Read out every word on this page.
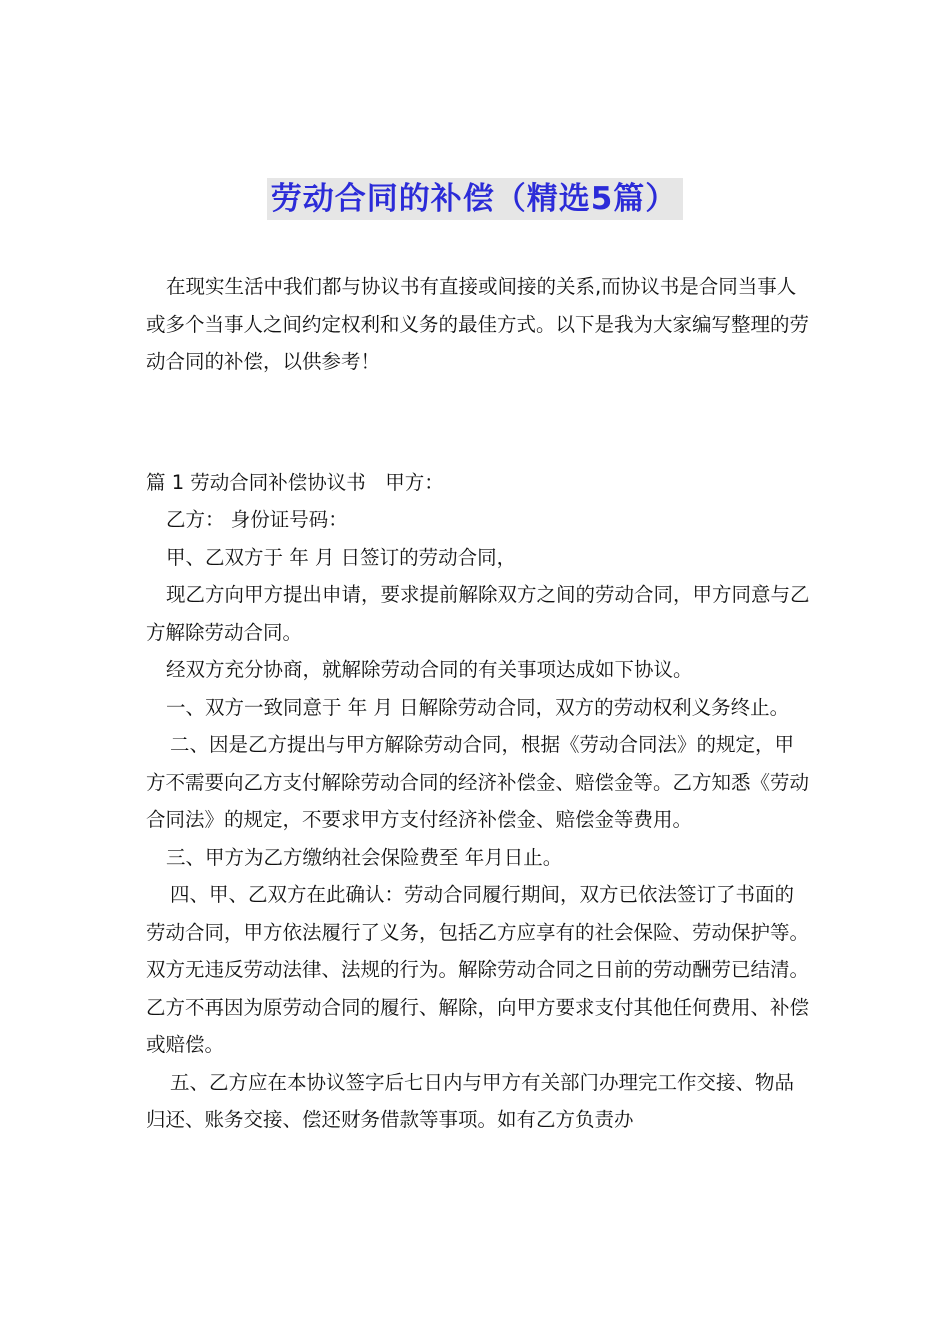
劳动合同的补偿（精选5篇）

在现实生活中我们都与协议书有直接或间接的关系,而协议书是合同当事人或多个当事人之间约定权利和义务的最佳方式。以下是我为大家编写整理的劳动合同的补偿，以供参考！

篇 1 劳动合同补偿协议书　甲方：

乙方： 身份证号码：

甲、乙双方于 年 月 日签订的劳动合同，

现乙方向甲方提出申请，要求提前解除双方之间的劳动合同，甲方同意与乙方解除劳动合同。

经双方充分协商，就解除劳动合同的有关事项达成如下协议。

一、双方一致同意于 年 月 日解除劳动合同，双方的劳动权利义务终止。

二、因是乙方提出与甲方解除劳动合同，根据《劳动合同法》的规定，甲方不需要向乙方支付解除劳动合同的经济补偿金、赔偿金等。乙方知悉《劳动合同法》的规定，不要求甲方支付经济补偿金、赔偿金等费用。

三、甲方为乙方缴纳社会保险费至 年月日止。

四、甲、乙双方在此确认：劳动合同履行期间，双方已依法签订了书面的劳动合同，甲方依法履行了义务，包括乙方应享有的社会保险、劳动保护等。双方无违反劳动法律、法规的行为。解除劳动合同之日前的劳动酬劳已结清。乙方不再因为原劳动合同的履行、解除，向甲方要求支付其他任何费用、补偿或赔偿。

五、乙方应在本协议签字后七日内与甲方有关部门办理完工作交接、物品归还、账务交接、偿还财务借款等事项。如有乙方负责办
